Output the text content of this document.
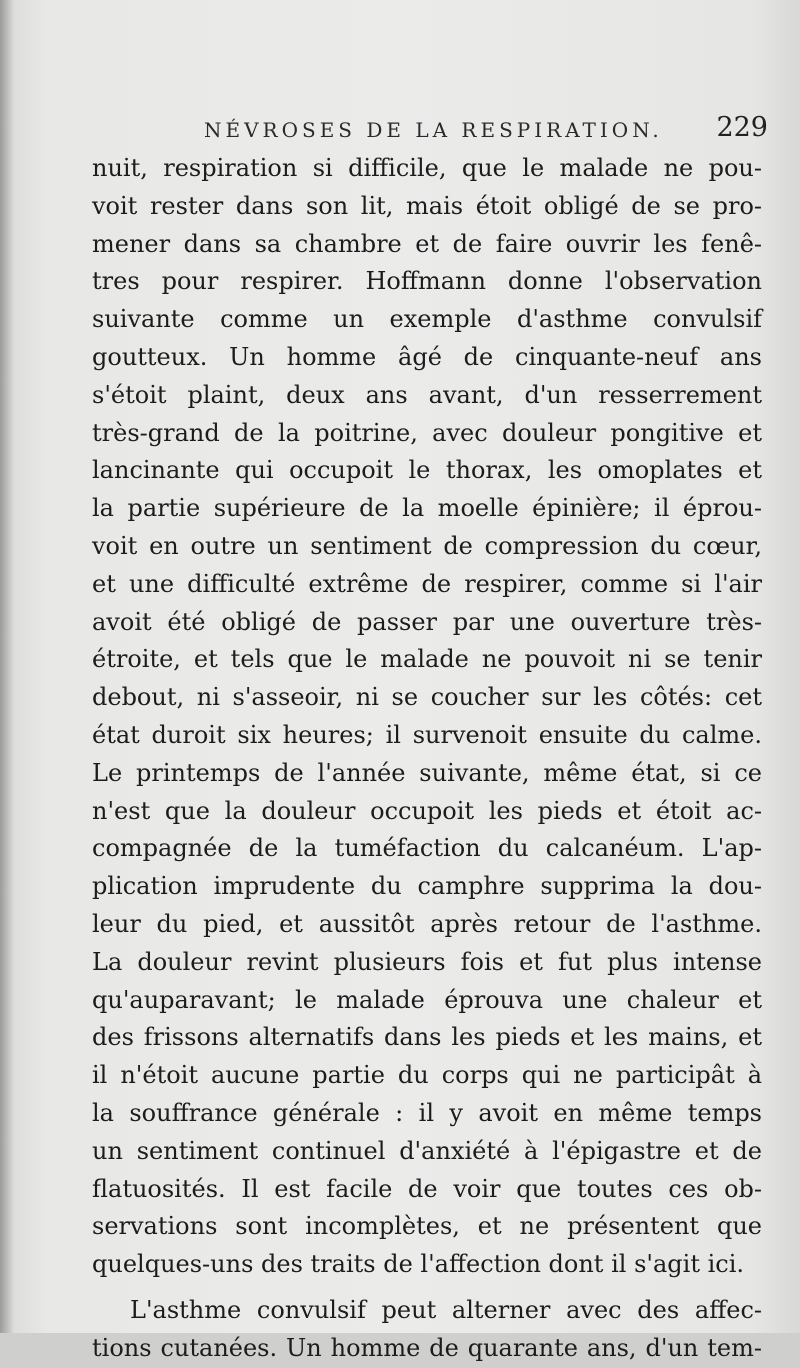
NÉVROSES DE LA RESPIRATION. 229
nuit, respiration si difficile, que le malade ne pou-
voit rester dans son lit, mais étoit obligé de se pro-
mener dans sa chambre et de faire ouvrir les fenê-
tres pour respirer. Hoffmann donne l'observation
suivante comme un exemple d'asthme convulsif
goutteux. Un homme âgé de cinquante-neuf ans
s'étoit plaint, deux ans avant, d'un resserrement
très-grand de la poitrine, avec douleur pongitive et
lancinante qui occupoit le thorax, les omoplates et
la partie supérieure de la moelle épinière; il éprou-
voit en outre un sentiment de compression du cœur,
et une difficulté extrême de respirer, comme si l'air
avoit été obligé de passer par une ouverture très-
étroite, et tels que le malade ne pouvoit ni se tenir
debout, ni s'asseoir, ni se coucher sur les côtés: cet
état duroit six heures; il survenoit ensuite du calme.
Le printemps de l'année suivante, même état, si ce
n'est que la douleur occupoit les pieds et étoit ac-
compagnée de la tuméfaction du calcanéum. L'ap-
plication imprudente du camphre supprima la dou-
leur du pied, et aussitôt après retour de l'asthme.
La douleur revint plusieurs fois et fut plus intense
qu'auparavant; le malade éprouva une chaleur et
des frissons alternatifs dans les pieds et les mains, et
il n'étoit aucune partie du corps qui ne participât à
la souffrance générale : il y avoit en même temps
un sentiment continuel d'anxiété à l'épigastre et de
flatuosités. Il est facile de voir que toutes ces ob-
servations sont incomplètes, et ne présentent que
quelques-uns des traits de l'affection dont il s'agit ici.
L'asthme convulsif peut alterner avec des affec-
tions cutanées. Un homme de quarante ans, d'un tem-
